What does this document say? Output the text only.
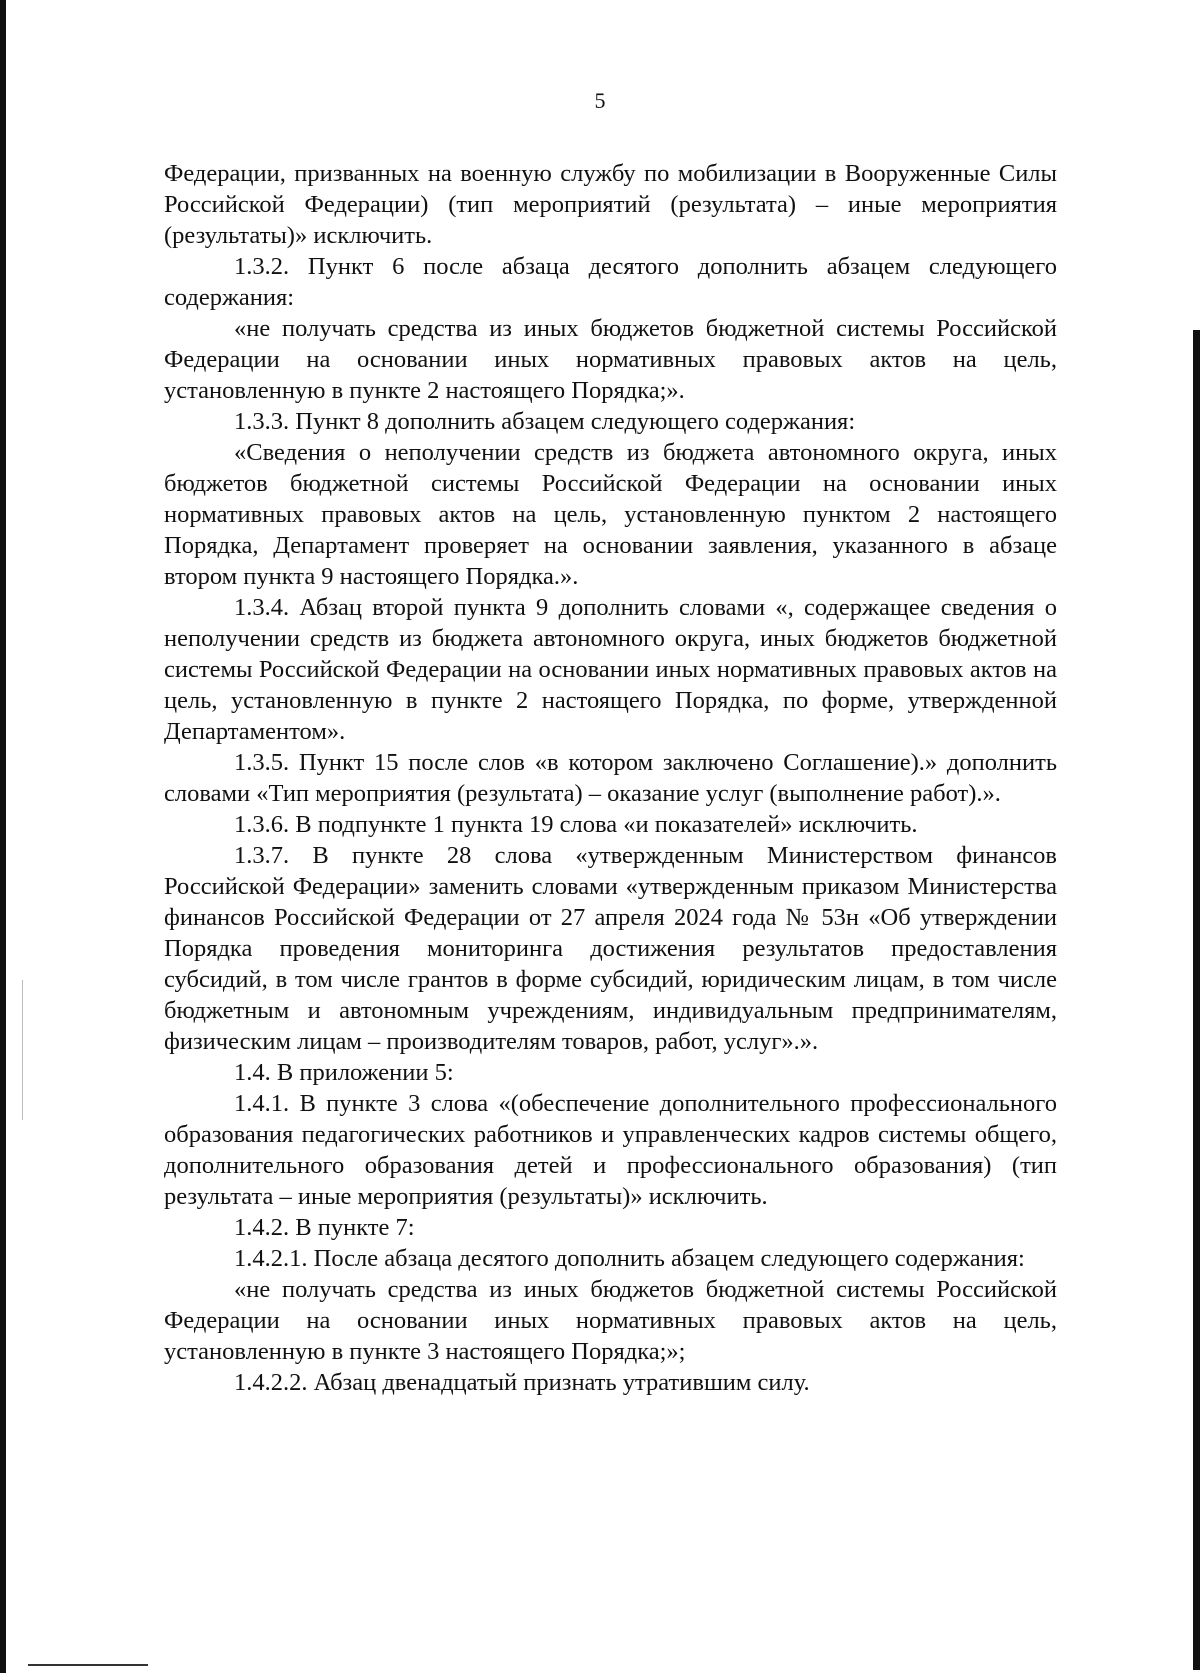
5

Федерации, призванных на военную службу по мобилизации в Вооруженные Силы Российской Федерации) (тип мероприятий (результата) – иные мероприятия (результаты)» исключить.

1.3.2. Пункт 6 после абзаца десятого дополнить абзацем следующего содержания:

«не получать средства из иных бюджетов бюджетной системы Российской Федерации на основании иных нормативных правовых актов на цель, установленную в пункте 2 настоящего Порядка;».

1.3.3. Пункт 8 дополнить абзацем следующего содержания:

«Сведения о неполучении средств из бюджета автономного округа, иных бюджетов бюджетной системы Российской Федерации на основании иных нормативных правовых актов на цель, установленную пунктом 2 настоящего Порядка, Департамент проверяет на основании заявления, указанного в абзаце втором пункта 9 настоящего Порядка.».

1.3.4. Абзац второй пункта 9 дополнить словами «, содержащее сведения о неполучении средств из бюджета автономного округа, иных бюджетов бюджетной системы Российской Федерации на основании иных нормативных правовых актов на цель, установленную в пункте 2 настоящего Порядка, по форме, утвержденной Департаментом».

1.3.5. Пункт 15 после слов «в котором заключено Соглашение).» дополнить словами «Тип мероприятия (результата) – оказание услуг (выполнение работ).».

1.3.6. В подпункте 1 пункта 19 слова «и показателей» исключить.

1.3.7. В пункте 28 слова «утвержденным Министерством финансов Российской Федерации» заменить словами «утвержденным приказом Министерства финансов Российской Федерации от 27 апреля 2024 года № 53н «Об утверждении Порядка проведения мониторинга достижения результатов предоставления субсидий, в том числе грантов в форме субсидий, юридическим лицам, в том числе бюджетным и автономным учреждениям, индивидуальным предпринимателям, физическим лицам – производителям товаров, работ, услуг».».

1.4. В приложении 5:

1.4.1. В пункте 3 слова «(обеспечение дополнительного профессионального образования педагогических работников и управленческих кадров системы общего, дополнительного образования детей и профессионального образования) (тип результата – иные мероприятия (результаты)» исключить.

1.4.2. В пункте 7:

1.4.2.1. После абзаца десятого дополнить абзацем следующего содержания:

«не получать средства из иных бюджетов бюджетной системы Российской Федерации на основании иных нормативных правовых актов на цель, установленную в пункте 3 настоящего Порядка;»;

1.4.2.2. Абзац двенадцатый признать утратившим силу.
